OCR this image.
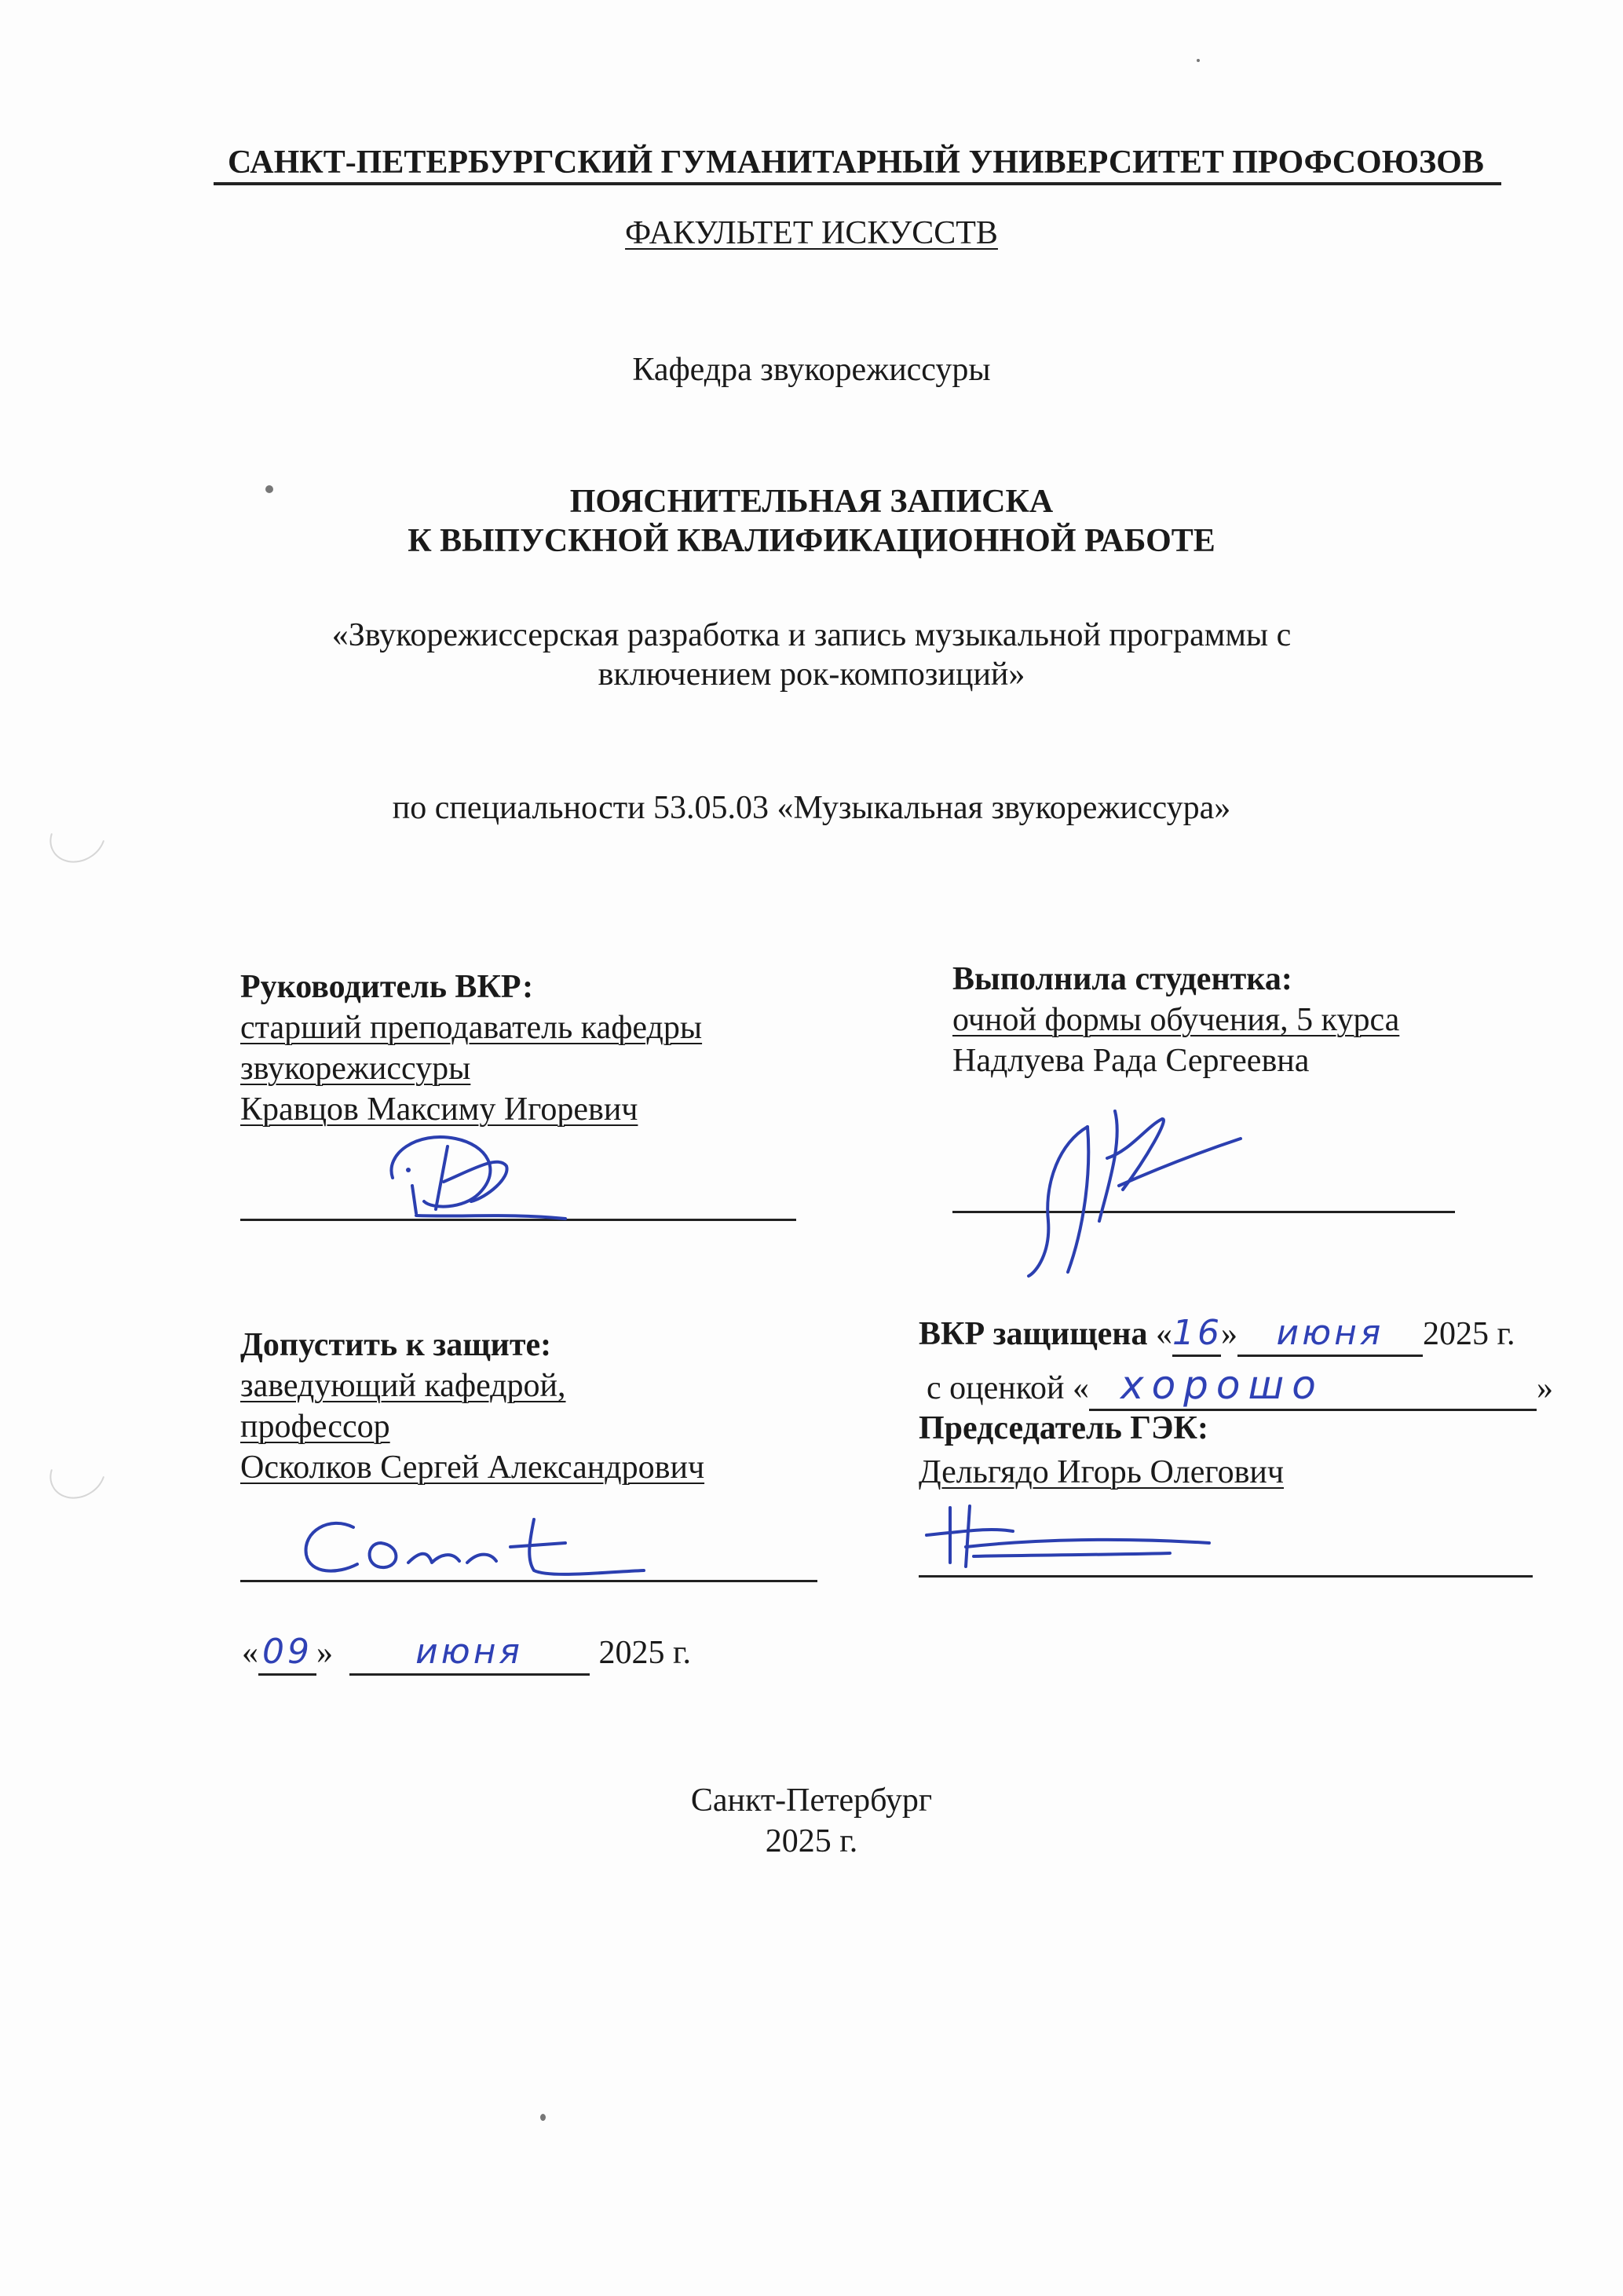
САНКТ-ПЕТЕРБУРГСКИЙ ГУМАНИТАРНЫЙ УНИВЕРСИТЕТ ПРОФСОЮЗОВ
ФАКУЛЬТЕТ ИСКУССТВ
Кафедра звукорежиссуры
ПОЯСНИТЕЛЬНАЯ ЗАПИСКА
К ВЫПУСКНОЙ КВАЛИФИКАЦИОННОЙ РАБОТЕ
«Звукорежиссерская разработка и запись музыкальной программы с
включением рок-композиций»
по специальности 53.05.03 «Музыкальная звукорежиссура»
Руководитель ВКР:
старший преподаватель кафедры
звукорежиссуры
Кравцов Максиму Игоревич
Выполнила студентка:
очной формы обучения, 5 курса
Надлуева Рада Сергеевна
Допустить к защите:
заведующий кафедрой,
профессор
Осколков Сергей Александрович
« 09 » июня 2025 г.
ВКР защищена «16» июня 2025 г.
с оценкой « хорошо	»
Председатель ГЭК:
Дельгядо Игорь Олегович
Санкт-Петербург
2025 г.
